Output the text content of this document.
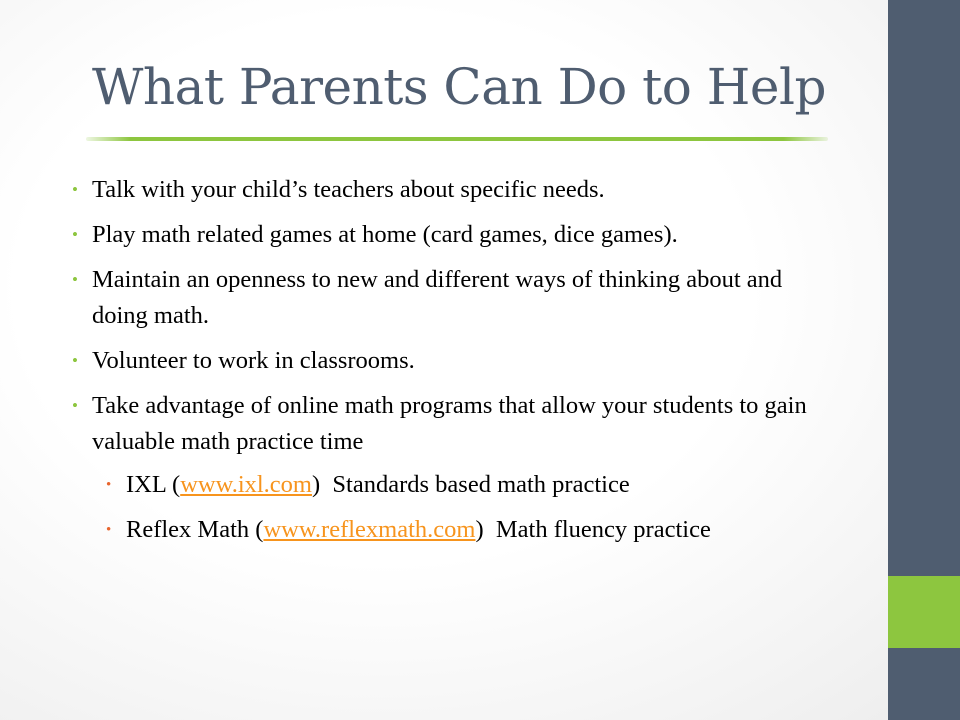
What Parents Can Do to Help
• Talk with your child’s teachers about specific needs.
• Play math related games at home (card games, dice games).
• Maintain an openness to new and different ways of thinking about and doing math.
• Volunteer to work in classrooms.
• Take advantage of online math programs that allow your students to gain valuable math practice time
• IXL (www.ixl.com)  Standards based math practice
• Reflex Math (www.reflexmath.com)  Math fluency practice
